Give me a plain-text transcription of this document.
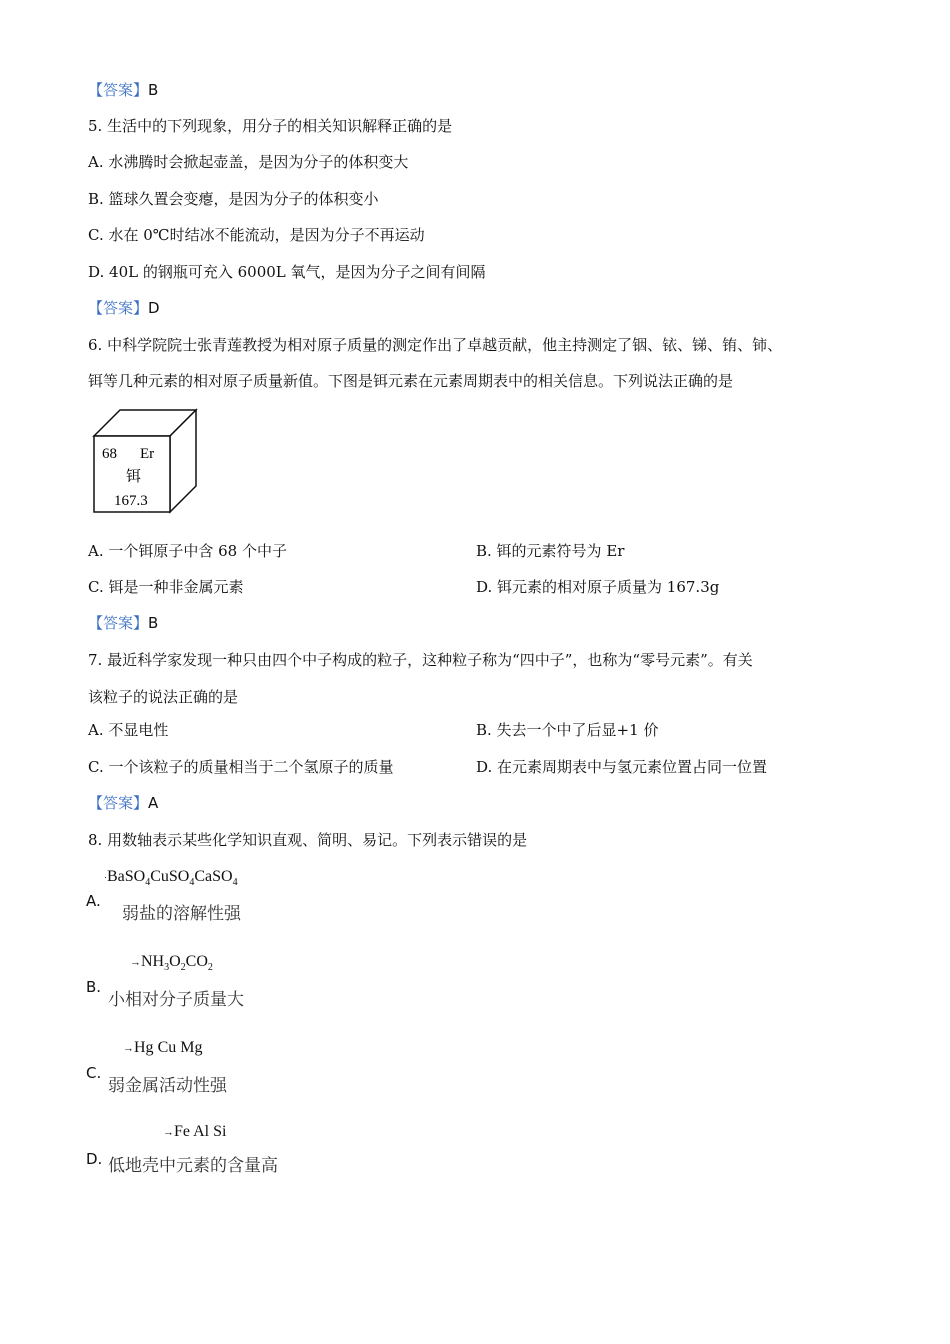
【答案】B
5. 生活中的下列现象，用分子的相关知识解释正确的是
A. 水沸腾时会掀起壶盖，是因为分子的体积变大
B. 篮球久置会变瘪，是因为分子的体积变小
C. 水在 0℃时结冰不能流动，是因为分子不再运动
D. 40L 的钢瓶可充入 6000L 氧气，是因为分子之间有间隔
【答案】D
6. 中科学院院士张青莲教授为相对原子质量的测定作出了卓越贡献，他主持测定了铟、铱、锑、铕、铈、
铒等几种元素的相对原子质量新值。下图是铒元素在元素周期表中的相关信息。下列说法正确的是
68 Er
铒
167.3
A. 一个铒原子中含 68 个中子	B. 铒的元素符号为 Er
C. 铒是一种非金属元素	D. 铒元素的相对原子质量为 167.3g
【答案】B
7. 最近科学家发现一种只由四个中子构成的粒子，这种粒子称为“四中子”，也称为“零号元素”。有关
该粒子的说法正确的是
A. 不显电性	B. 失去一个中了后显+1 价
C. 一个该粒子的质量相当于二个氢原子的质量	D. 在元素周期表中与氢元素位置占同一位置
【答案】A
8. 用数轴表示某些化学知识直观、简明、易记。下列表示错误的是
·BaSO$_4$CuSO$_4$CaSO$_4$
A.
弱盐的溶解性强
$\to NH_3O_2CO_2$
B.
小相对分子质量大
→Hg Cu Mg
C.
弱金属活动性强
→Fe Al Si
D. 低地壳中元素的含量高
